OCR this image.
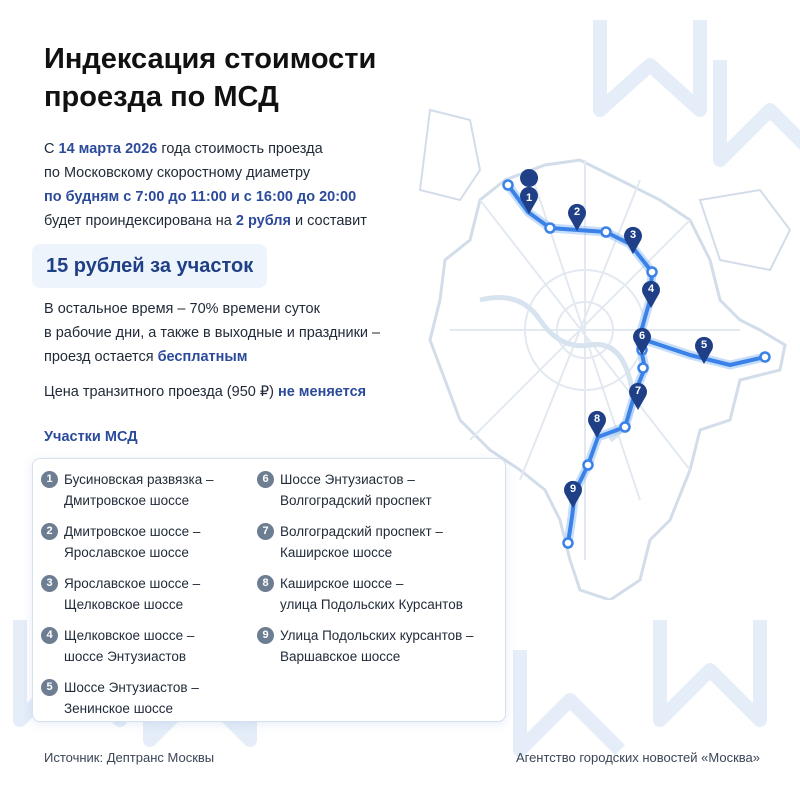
1
2
3
4
5
6
7
8
9
Индексация стоимости
проезда по МСД
С 14 марта 2026 года стоимость проезда
по Московскому скоростному диаметру
по будням с 7:00 до 11:00 и с 16:00 до 20:00
будет проиндексирована на 2 рубля и составит
15 рублей за участок
В остальное время – 70% времени суток
в рабочие дни, а также в выходные и праздники –
проезд остается бесплатным
Цена транзитного проезда (950 ₽) не меняется
Участки МСД
1 Бусиновская развязка –
Дмитровское шоссе
2 Дмитровское шоссе –
Ярославское шоссе
3 Ярославское шоссе –
Щелковское шоссе
4 Щелковское шоссе –
шоссе Энтузиастов
5 Шоссе Энтузиастов –
Зенинское шоссе
6 Шоссе Энтузиастов –
Волгоградский проспект
7 Волгоградский проспект –
Каширское шоссе
8 Каширское шоссе –
улица Подольских Курсантов
9 Улица Подольских курсантов –
Варшавское шоссе
Источник: Дептранс Москвы	Агентство городских новостей «Москва»
